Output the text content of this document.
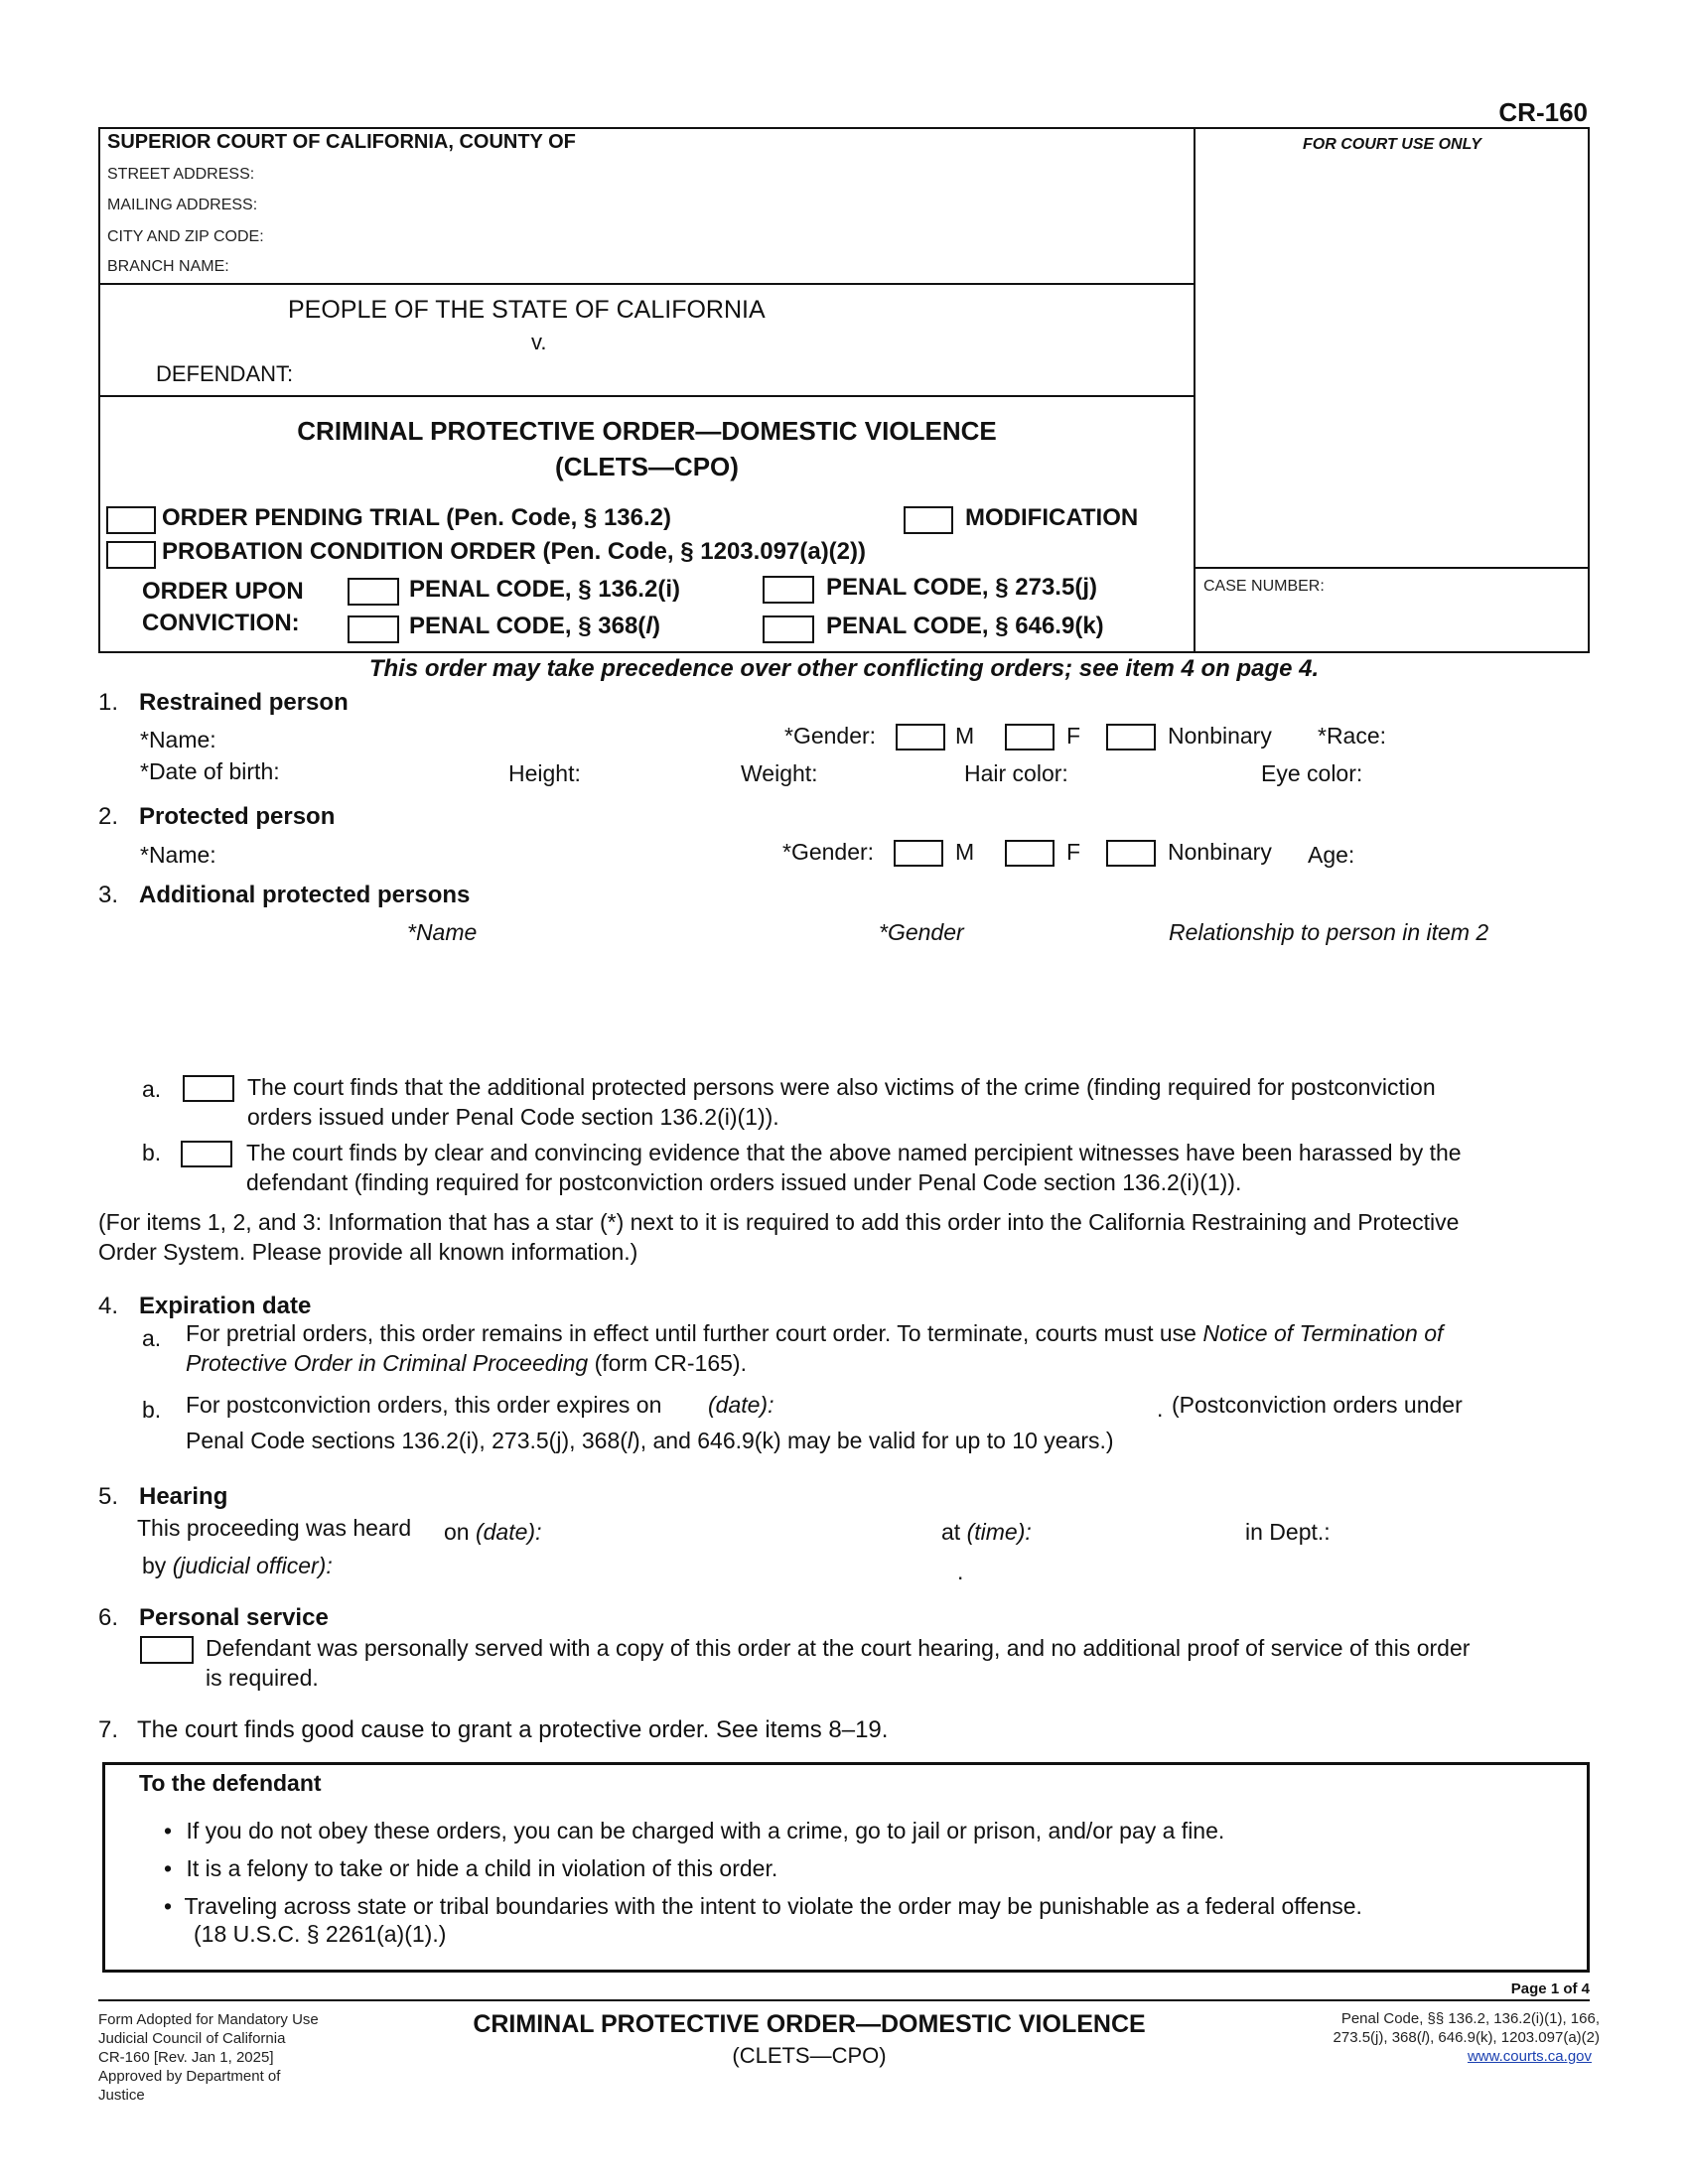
CR-160
SUPERIOR COURT OF CALIFORNIA, COUNTY OF
STREET ADDRESS:
MAILING ADDRESS:
CITY AND ZIP CODE:
BRANCH NAME:
FOR COURT USE ONLY
CASE NUMBER:
PEOPLE OF THE STATE OF CALIFORNIA
v.
DEFENDANT:
CRIMINAL PROTECTIVE ORDER—DOMESTIC VIOLENCE
(CLETS—CPO)
ORDER PENDING TRIAL (Pen. Code, § 136.2)	MODIFICATION
PROBATION CONDITION ORDER (Pen. Code, § 1203.097(a)(2))
ORDER UPON
CONVICTION:
PENAL CODE, § 136.2(i)	PENAL CODE, § 273.5(j)
PENAL CODE, § 368(l)	PENAL CODE, § 646.9(k)
This order may take precedence over other conflicting orders; see item 4 on page 4.
1. Restrained person
*Name:	*Gender:	M	F	Nonbinary *Race:
*Date of birth:	Height:	Weight:	Hair color:	Eye color:
2. Protected person
*Name:	*Gender:	M	F	Nonbinary Age:
3. Additional protected persons
*Name	*Gender	Relationship to person in item 2
a.	The court finds that the additional protected persons were also victims of the crime (finding required for postconviction
orders issued under Penal Code section 136.2(i)(1)).
b.	The court finds by clear and convincing evidence that the above named percipient witnesses have been harassed by the
defendant (finding required for postconviction orders issued under Penal Code section 136.2(i)(1)).
(For items 1, 2, and 3: Information that has a star (*) next to it is required to add this order into the California Restraining and Protective
Order System. Please provide all known information.)
4. Expiration date
a. For pretrial orders, this order remains in effect until further court order. To terminate, courts must use Notice of Termination of
Protective Order in Criminal Proceeding (form CR-165).
b. For postconviction orders, this order expires on (date):	. (Postconviction orders under
Penal Code sections 136.2(i), 273.5(j), 368(l), and 646.9(k) may be valid for up to 10 years.)
5. Hearing
This proceeding was heard on (date):	at (time):	in Dept.:
by (judicial officer):	.
6. Personal service
Defendant was personally served with a copy of this order at the court hearing, and no additional proof of service of this order
is required.
7. The court finds good cause to grant a protective order. See items 8–19.
To the defendant
• If you do not obey these orders, you can be charged with a crime, go to jail or prison, and/or pay a fine.
• It is a felony to take or hide a child in violation of this order.
• Traveling across state or tribal boundaries with the intent to violate the order may be punishable as a federal offense.
(18 U.S.C. § 2261(a)(1).)
Page 1 of 4
Form Adopted for Mandatory Use
Judicial Council of California
CR-160 [Rev. Jan 1, 2025]
Approved by Department of
Justice
CRIMINAL PROTECTIVE ORDER—DOMESTIC VIOLENCE
(CLETS—CPO)
Penal Code, §§ 136.2, 136.2(i)(1), 166,
273.5(j), 368(l), 646.9(k), 1203.097(a)(2)
www.courts.ca.gov
